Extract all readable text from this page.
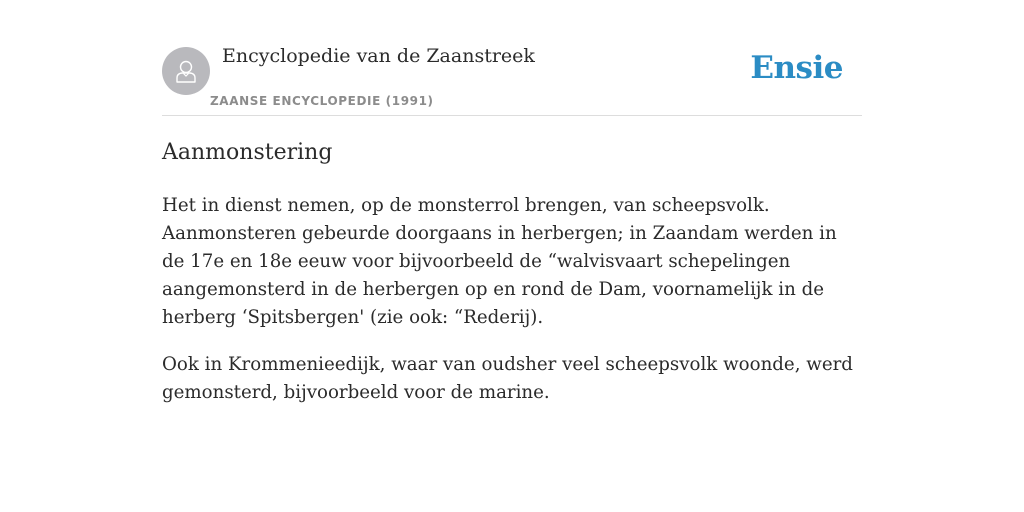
Encyclopedie van de Zaanstreek
ZAANSE ENCYCLOPEDIE (1991)
Ensie
Aanmonstering

Het in dienst nemen, op de monsterrol brengen, van scheepsvolk. Aanmonsteren gebeurde doorgaans in herbergen; in Zaandam werden in de 17e en 18e eeuw voor bijvoorbeeld de “walvisvaart schepelingen aangemonsterd in de herbergen op en rond de Dam, voornamelijk in de herberg ‘Spitsbergen' (zie ook: “Rederij).

Ook in Krommenieedijk, waar van oudsher veel scheepsvolk woonde, werd gemonsterd, bijvoorbeeld voor de marine.
